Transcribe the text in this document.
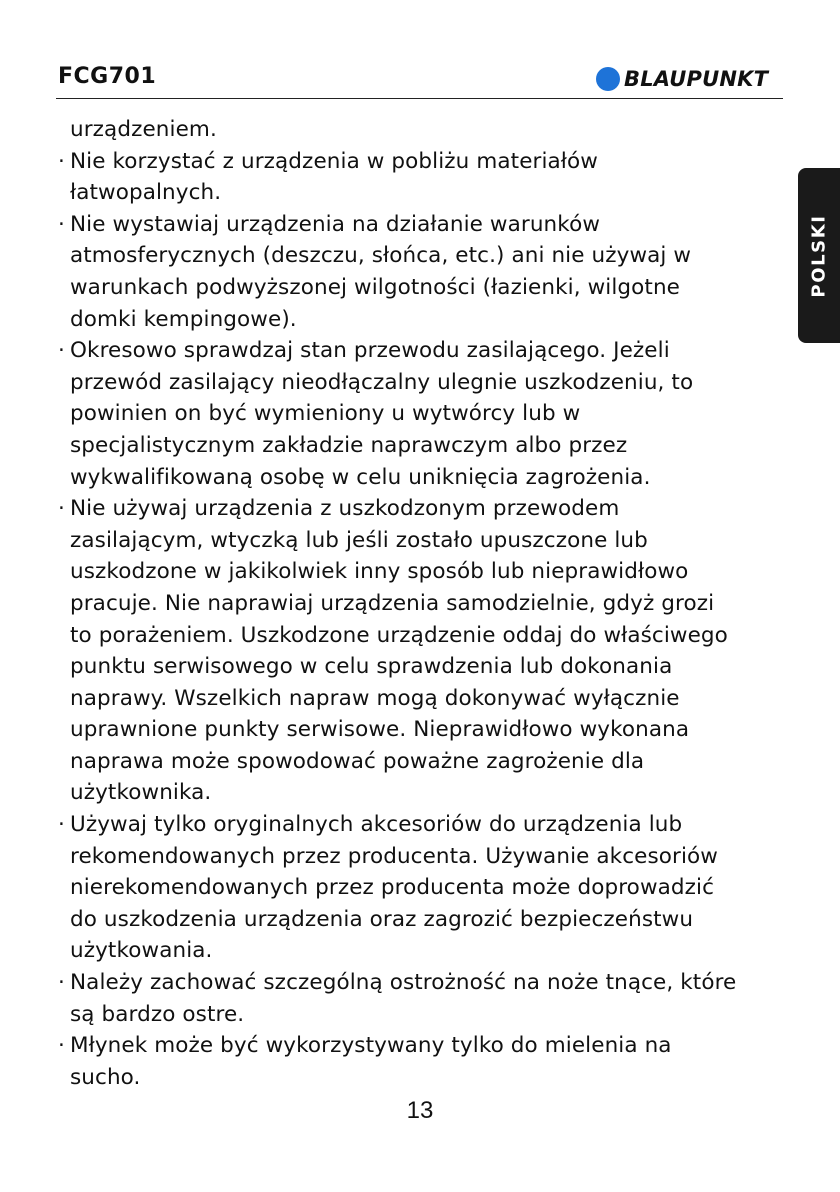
FCG701	BLAUPUNKT
POLSKI
urządzeniem.
· Nie korzystać z urządzenia w pobliżu materiałów
łatwopalnych.
· Nie wystawiaj urządzenia na działanie warunków
atmosferycznych (deszczu, słońca, etc.) ani nie używaj w
warunkach podwyższonej wilgotności (łazienki, wilgotne
domki kempingowe).
· Okresowo sprawdzaj stan przewodu zasilającego. Jeżeli
przewód zasilający nieodłączalny ulegnie uszkodzeniu, to
powinien on być wymieniony u wytwórcy lub w
specjalistycznym zakładzie naprawczym albo przez
wykwalifikowaną osobę w celu uniknięcia zagrożenia.
· Nie używaj urządzenia z uszkodzonym przewodem
zasilającym, wtyczką lub jeśli zostało upuszczone lub
uszkodzone w jakikolwiek inny sposób lub nieprawidłowo
pracuje. Nie naprawiaj urządzenia samodzielnie, gdyż grozi
to porażeniem. Uszkodzone urządzenie oddaj do właściwego
punktu serwisowego w celu sprawdzenia lub dokonania
naprawy. Wszelkich napraw mogą dokonywać wyłącznie
uprawnione punkty serwisowe. Nieprawidłowo wykonana
naprawa może spowodować poważne zagrożenie dla
użytkownika.
· Używaj tylko oryginalnych akcesoriów do urządzenia lub
rekomendowanych przez producenta. Używanie akcesoriów
nierekomendowanych przez producenta może doprowadzić
do uszkodzenia urządzenia oraz zagrozić bezpieczeństwu
użytkowania.
· Należy zachować szczególną ostrożność na noże tnące, które
są bardzo ostre.
· Młynek może być wykorzystywany tylko do mielenia na
sucho.
13
